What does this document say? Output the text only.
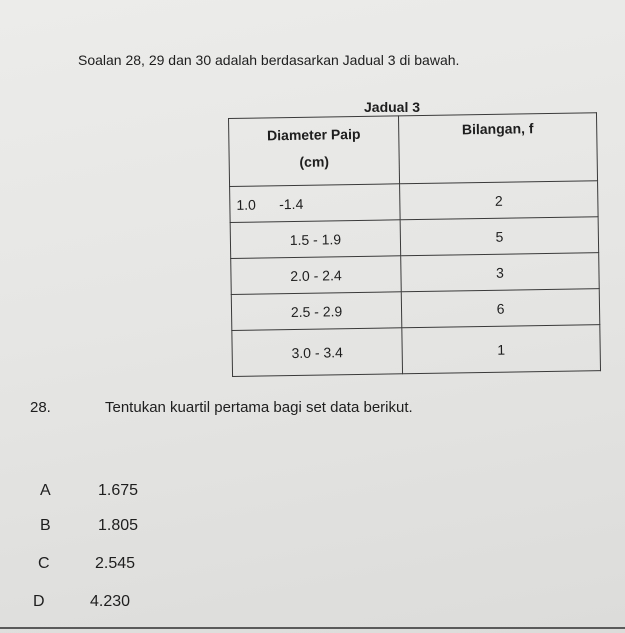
Soalan 28, 29 dan 30 adalah berdasarkan Jadual 3 di bawah.
Jadual 3
Diameter Paip
(cm)	Bilangan, f
1.0      -1.4	2
1.5 - 1.9	5
2.0 - 2.4	3
2.5 - 2.9	6
3.0 - 3.4	1
28.	Tentukan kuartil pertama bagi set data berikut.
A	1.675
B	1.805
C	2.545
D	4.230
